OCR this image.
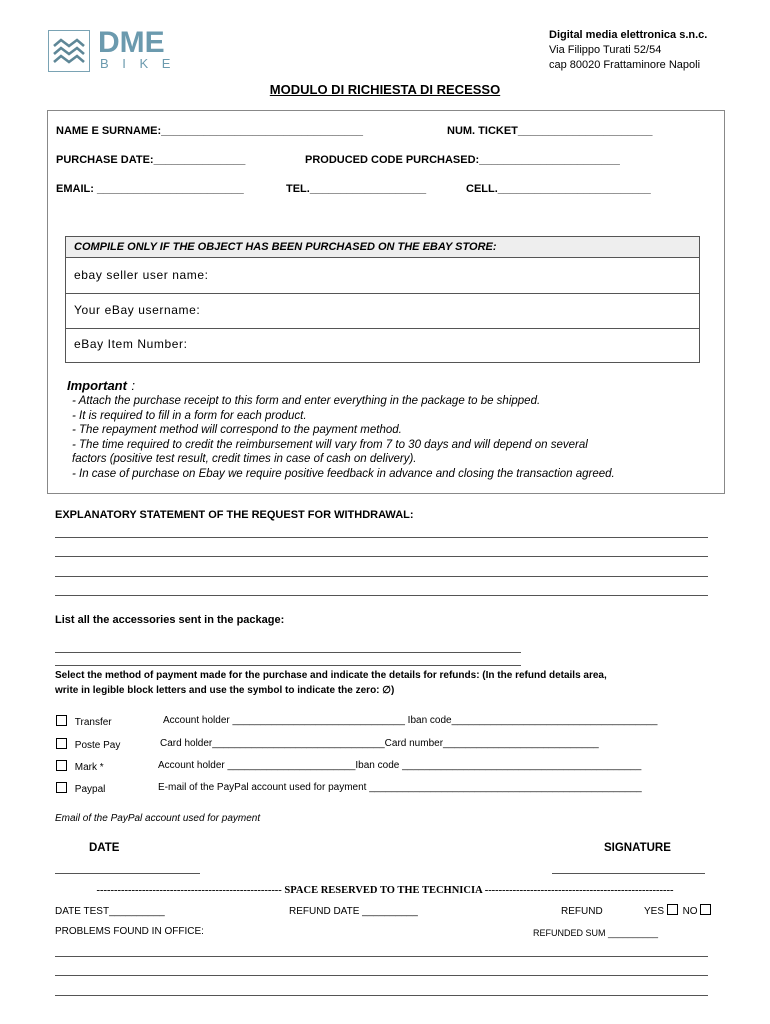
DME
B I K E
Digital media elettronica s.n.c.
Via Filippo Turati 52/54
cap 80020 Frattaminore Napoli
MODULO DI RICHIESTA DI RECESSO
NAME E SURNAME:_________________________________	NUM. TICKET______________________
PURCHASE DATE:_______________	PRODUCED CODE PURCHASED:_______________________
EMAIL: ________________________	TEL.___________________	CELL._________________________
COMPILE ONLY IF THE OBJECT HAS BEEN PURCHASED ON THE EBAY STORE:
ebay seller user name:
Your eBay username:
eBay Item Number:
Important :
- Attach the purchase receipt to this form and enter everything in the package to be shipped.
- It is required to fill in a form for each product.
- The repayment method will correspond to the payment method.
- The time required to credit the reimbursement will vary from 7 to 30 days and will depend on several
factors (positive test result, credit times in case of cash on delivery).
- In case of purchase on Ebay we require positive feedback in advance and closing the transaction agreed.
EXPLANATORY STATEMENT OF THE REQUEST FOR WITHDRAWAL:
List all the accessories sent in the package:
Select the method of payment made for the purchase and indicate the details for refunds: (In the refund details area,
write in legible block letters and use the symbol to indicate the zero: ∅)
Transfer	Account holder _______________________________ Iban code_____________________________________
Poste Pay	Card holder_______________________________Card number____________________________
Mark *	Account holder _______________________Iban code ___________________________________________
Paypal	E-mail of the PayPal account used for payment _________________________________________________
Email of the PayPal account used for payment
DATE	SIGNATURE
----------------------------------------------------- SPACE RESERVED TO THE TECHNICIA ------------------------------------------------------
DATE TEST__________	REFUND DATE __________	REFUND	YES NO
PROBLEMS FOUND IN OFFICE:	REFUNDED SUM __________
